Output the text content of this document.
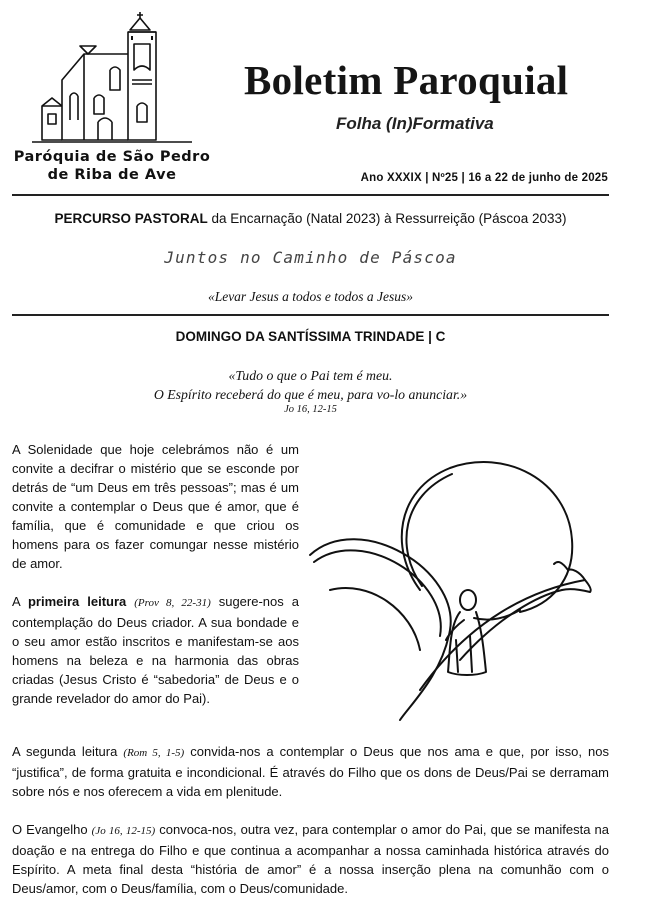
Paróquia de São Pedro
de Riba de Ave
Boletim Paroquial
Folha (In)Formativa
Ano XXXIX | Nº25 | 16 a 22 de junho de 2025
PERCURSO PASTORAL da Encarnação (Natal 2023) à Ressurreição (Páscoa 2033)
Juntos no Caminho de Páscoa
«Levar Jesus a todos e todos a Jesus»
DOMINGO DA SANTÍSSIMA TRINDADE | C
«Tudo o que o Pai tem é meu.
O Espírito receberá do que é meu, para vo-lo anunciar.»
Jo 16, 12-15
A Solenidade que hoje celebrámos não é um convite a decifrar o mistério que se esconde por detrás de “um Deus em três pessoas”; mas é um convite a contemplar o Deus que é amor, que é família, que é comunidade e que criou os homens para os fazer comungar nesse mistério de amor.
A primeira leitura (Prov 8, 22-31) sugere-nos a contemplação do Deus criador. A sua bondade e o seu amor estão inscritos e manifestam-se aos homens na beleza e na harmonia das obras criadas (Jesus Cristo é “sabedoria” de Deus e o grande revelador do amor do Pai).
A segunda leitura (Rom 5, 1-5) convida-nos a contemplar o Deus que nos ama e que, por isso, nos “justifica”, de forma gratuita e incondicional. É através do Filho que os dons de Deus/Pai se derramam sobre nós e nos oferecem a vida em plenitude.
O Evangelho (Jo 16, 12-15) convoca-nos, outra vez, para contemplar o amor do Pai, que se manifesta na doação e na entrega do Filho e que continua a acompanhar a nossa caminhada histórica através do Espírito. A meta final desta “história de amor” é a nossa inserção plena na comunhão com o Deus/amor, com o Deus/família, com o Deus/comunidade.
